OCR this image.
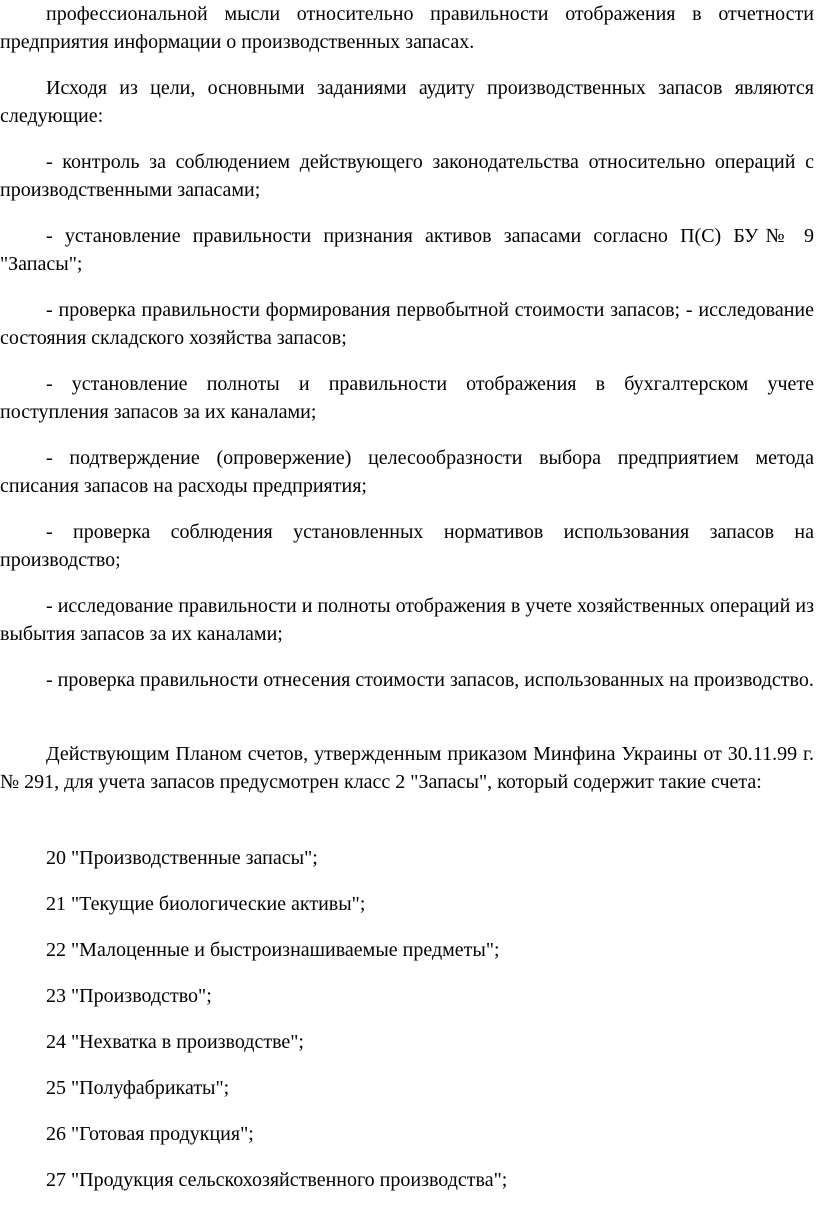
профессиональной мысли относительно правильности отображения в отчетности предприятия информации о производственных запасах.

Исходя из цели, основными заданиями аудиту производственных запасов являются следующие:

- контроль за соблюдением действующего законодательства относительно операций с производственными запасами;

- установление правильности признания активов запасами согласно П(С) БУ№ 9 "Запасы";

- проверка правильности формирования первобытной стоимости запасов; - исследование состояния складского хозяйства запасов;

- установление полноты и правильности отображения в бухгалтерском учете поступления запасов за их каналами;

- подтверждение (опровержение) целесообразности выбора предприятием метода списания запасов на расходы предприятия;

- проверка соблюдения установленных нормативов использования запасов на производство;

- исследование правильности и полноты отображения в учете хозяйственных операций из выбытия запасов за их каналами;

- проверка правильности отнесения стоимости запасов, использованных на производство.

Действующим Планом счетов, утвержденным приказом Минфина Украины от 30.11.99 г. № 291, для учета запасов предусмотрен класс 2 "Запасы", который содержит такие счета:

20 "Производственные запасы";

21 "Текущие биологические активы";

22 "Малоценные и быстроизнашиваемые предметы";

23 "Производство";

24 "Нехватка в производстве";

25 "Полуфабрикаты";

26 "Готовая продукция";

27 "Продукция сельскохозяйственного производства";
